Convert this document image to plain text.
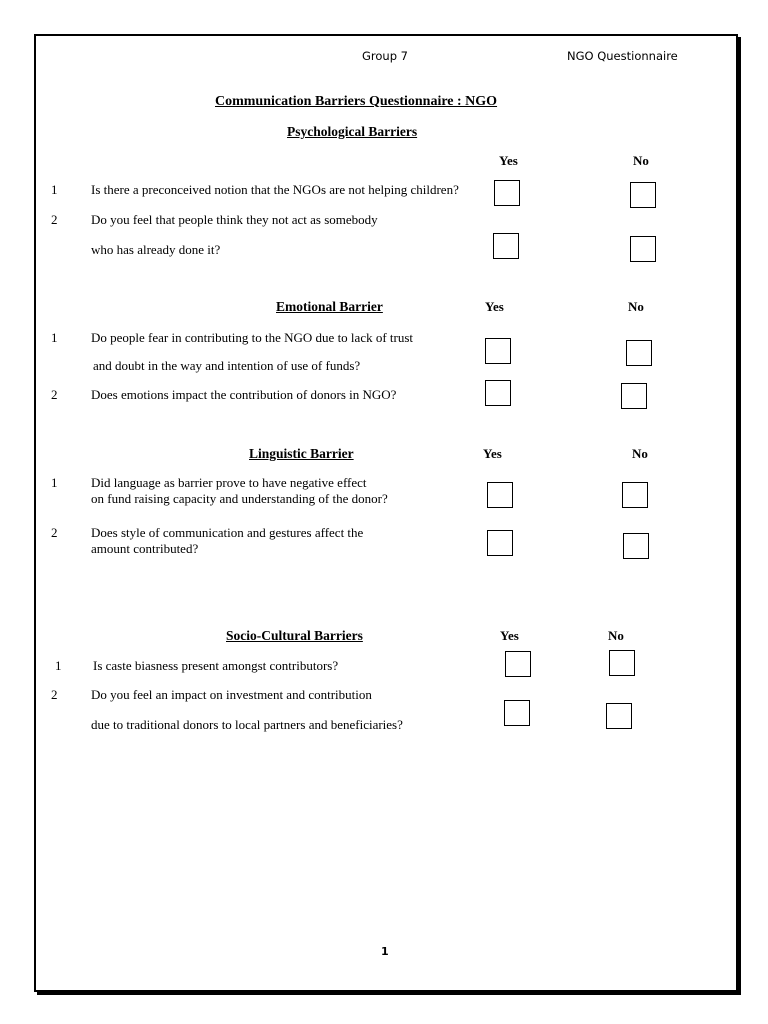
Group 7	NGO Questionnaire
Communication Barriers Questionnaire : NGO
Psychological Barriers
Yes	No
1	Is there a preconceived notion that the NGOs are not helping children?
2	Do you feel that people think they not act as somebody
who has already done it?
Emotional Barrier	Yes	No
1	Do people fear in contributing to the NGO due to lack of trust
and doubt in the way and intention of use of funds?
2	Does emotions impact the contribution of donors in NGO?
Linguistic Barrier	Yes	No
1	Did language as barrier prove to have negative effect
on fund raising capacity and understanding of the donor?
2	Does style of communication and gestures affect the
amount contributed?
Socio-Cultural Barriers	Yes	No
1 Is caste biasness present amongst contributors?
2	Do you feel an impact on investment and contribution
due to traditional donors to local partners and beneficiaries?
1
